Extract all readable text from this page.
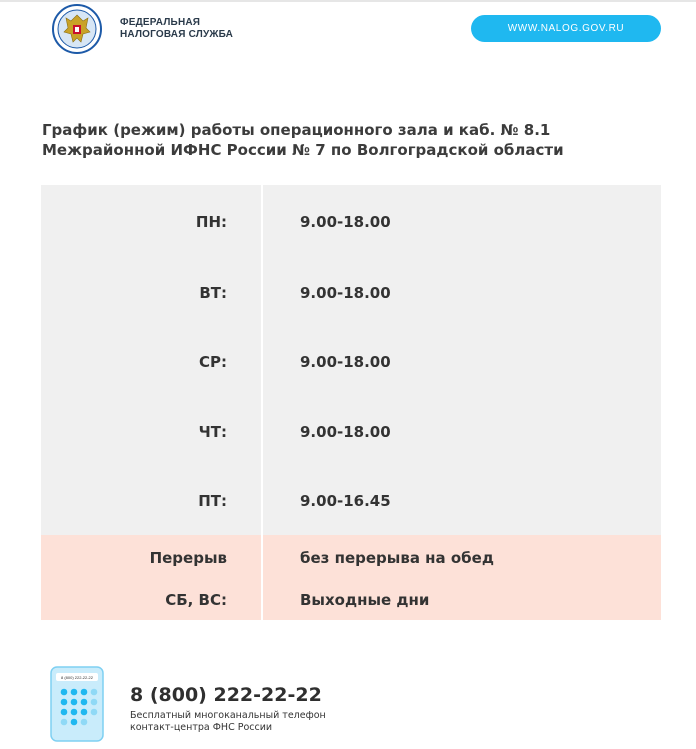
ФЕДЕРАЛЬНАЯ
НАЛОГОВАЯ СЛУЖБА
WWW.NALOG.GOV.RU
График (режим) работы операционного зала и каб. № 8.1 Межрайонной ИФНС России № 7 по Волгоградской области
ПН:	9.00-18.00
ВТ:	9.00-18.00
СР:	9.00-18.00
ЧТ:	9.00-18.00
ПТ:	9.00-16.45
Перерыв	без перерыва на обед
СБ, ВС:	Выходные дни
8 (800) 222-22-22
8 (800) 222-22-22
Бесплатный многоканальный телефон
контакт-центра ФНС России
